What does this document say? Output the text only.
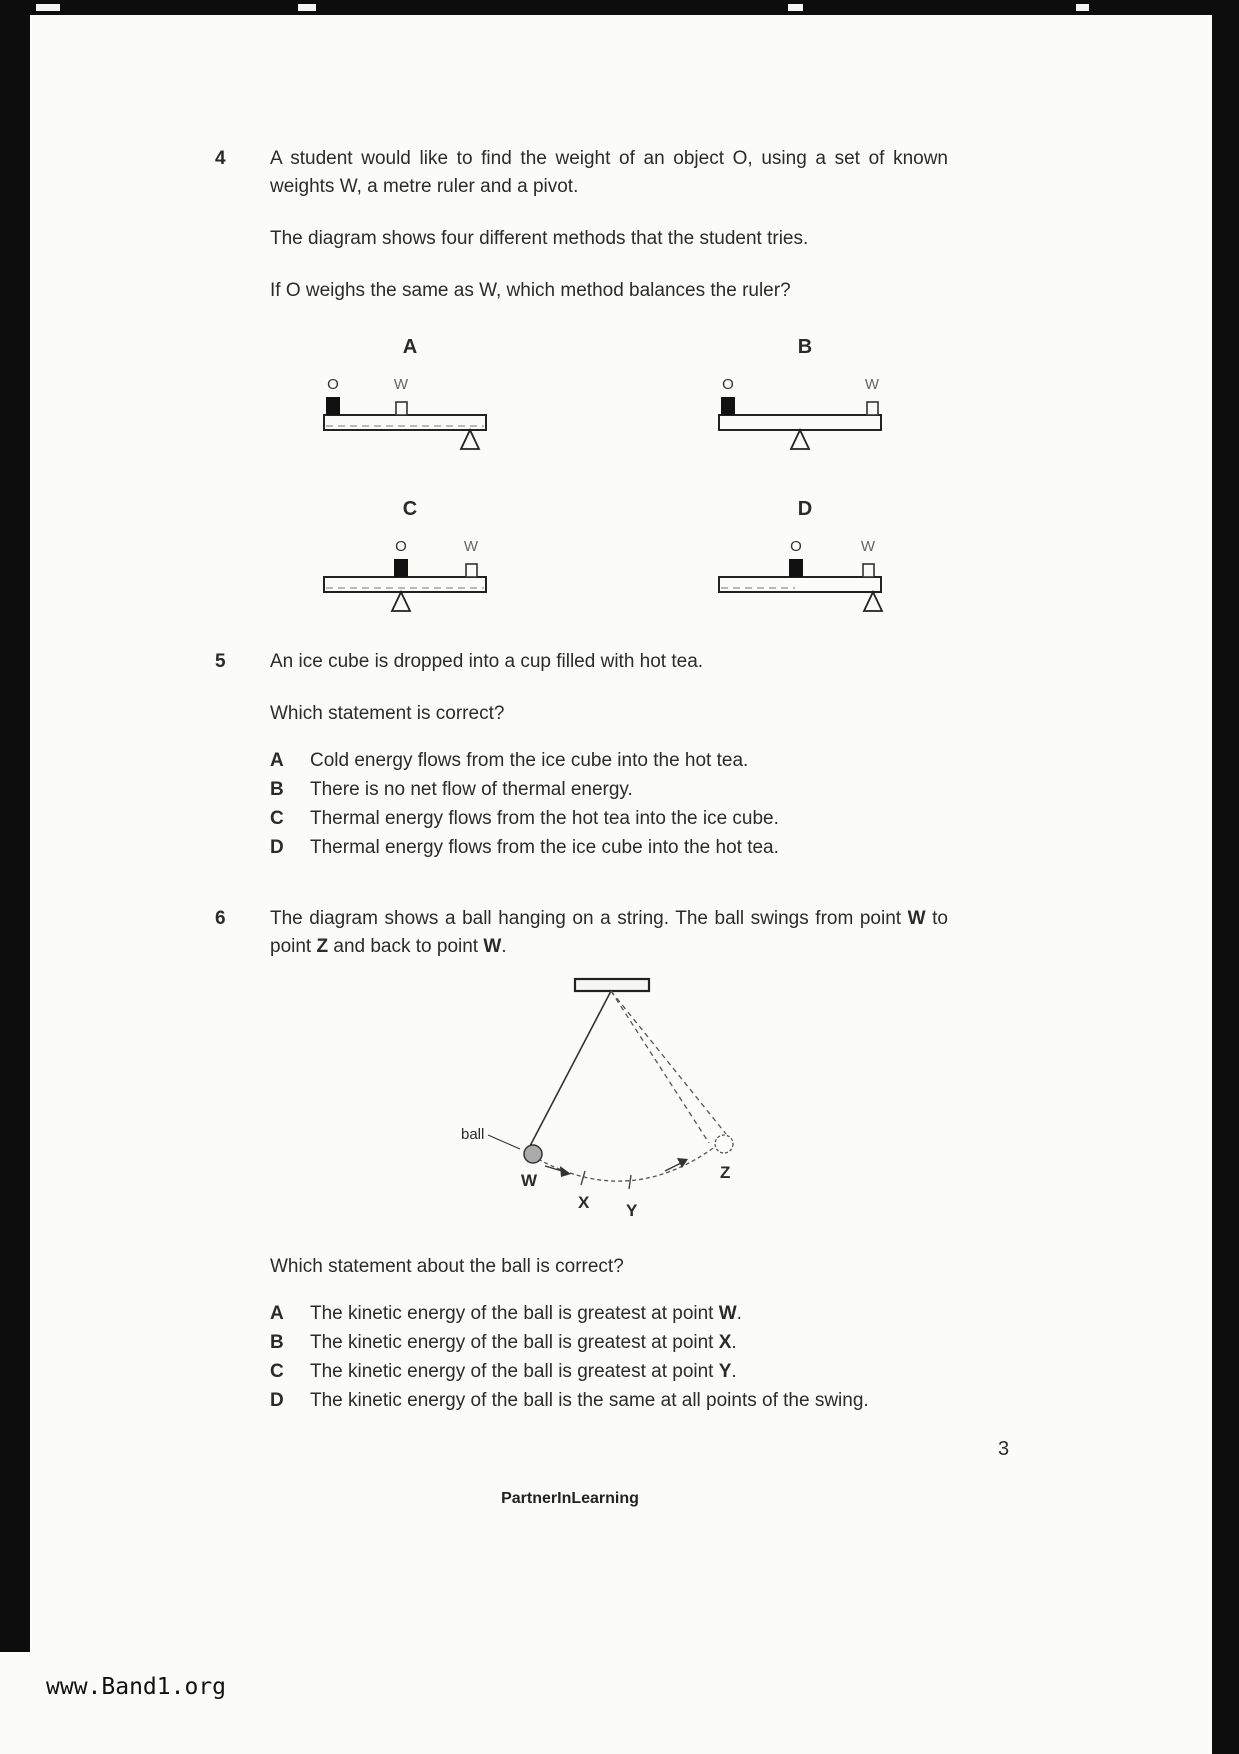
4	A student would like to find the weight of an object O, using a set of known weights W, a metre ruler and a pivot.

The diagram shows four different methods that the student tries.

If O weighs the same as W, which method balances the ruler?

A
O	W
B
O	W
C
O	W
D
O	W
5	An ice cube is dropped into a cup filled with hot tea.

Which statement is correct?

A	Cold energy flows from the ice cube into the hot tea.
B	There is no net flow of thermal energy.
C	Thermal energy flows from the hot tea into the ice cube.
D	Thermal energy flows from the ice cube into the hot tea.
6	The diagram shows a ball hanging on a string. The ball swings from point W to point Z and back to point W.

ball
W
X Y
Z

Which statement about the ball is correct?

A	The kinetic energy of the ball is greatest at point W.
B	The kinetic energy of the ball is greatest at point X.
C	The kinetic energy of the ball is greatest at point Y.
D	The kinetic energy of the ball is the same at all points of the swing.
3
PartnerInLearning
www.Band1.org
